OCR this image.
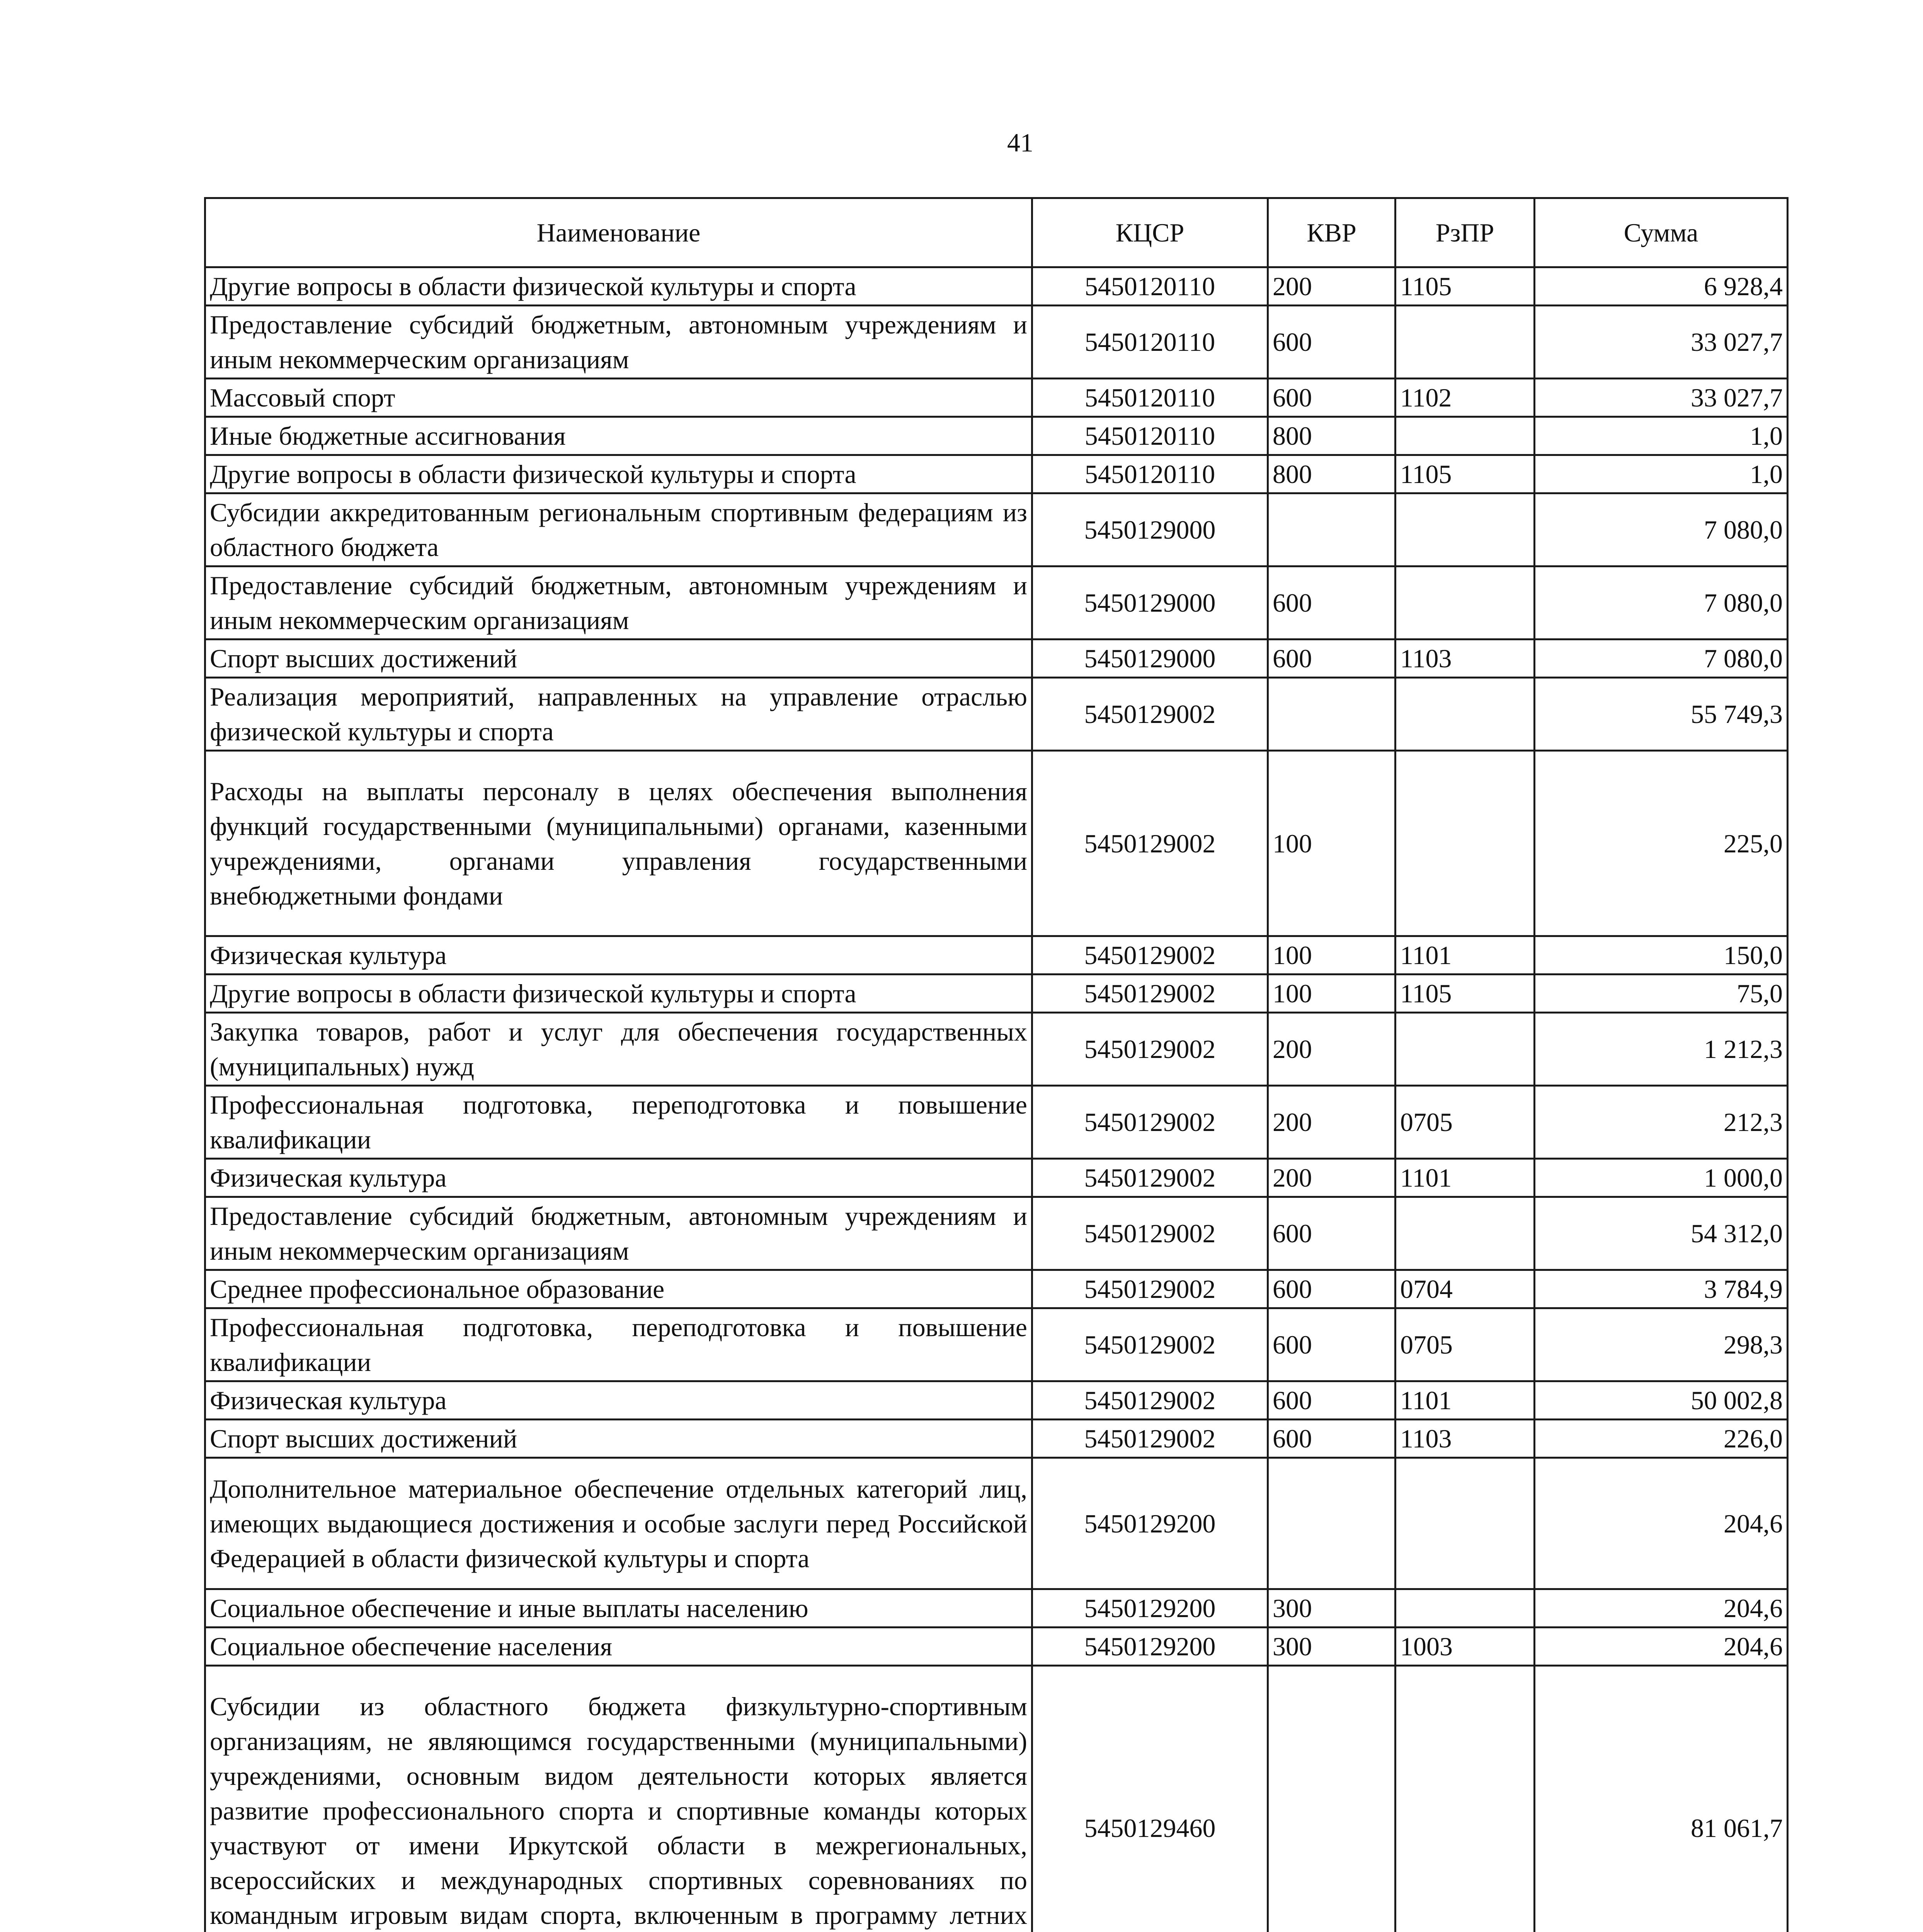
41
Наименование	КЦСР	КВР	РзПР	Сумма
Другие вопросы в области физической культуры и спорта	5450120110	200	1105	6 928,4
Предоставление субсидий бюджетным, автономным учреждениям и иным некоммерческим организациям	5450120110	600		33 027,7
Массовый спорт	5450120110	600	1102	33 027,7
Иные бюджетные ассигнования	5450120110	800		1,0
Другие вопросы в области физической культуры и спорта	5450120110	800	1105	1,0
Субсидии аккредитованным региональным спортивным федерациям из областного бюджета	5450129000			7 080,0
Предоставление субсидий бюджетным, автономным учреждениям и иным некоммерческим организациям	5450129000	600		7 080,0
Спорт высших достижений	5450129000	600	1103	7 080,0
Реализация мероприятий, направленных на управление отраслью физической культуры и спорта	5450129002			55 749,3
Расходы на выплаты персоналу в целях обеспечения выполнения функций государственными (муниципальными) органами, казенными учреждениями, органами управления государственными внебюджетными фондами	5450129002	100		225,0
Физическая культура	5450129002	100	1101	150,0
Другие вопросы в области физической культуры и спорта	5450129002	100	1105	75,0
Закупка товаров, работ и услуг для обеспечения государственных (муниципальных) нужд	5450129002	200		1 212,3
Профессиональная подготовка, переподготовка и повышение квалификации	5450129002	200	0705	212,3
Физическая культура	5450129002	200	1101	1 000,0
Предоставление субсидий бюджетным, автономным учреждениям и иным некоммерческим организациям	5450129002	600		54 312,0
Среднее профессиональное образование	5450129002	600	0704	3 784,9
Профессиональная подготовка, переподготовка и повышение квалификации	5450129002	600	0705	298,3
Физическая культура	5450129002	600	1101	50 002,8
Спорт высших достижений	5450129002	600	1103	226,0
Дополнительное материальное обеспечение отдельных категорий лиц, имеющих выдающиеся достижения и особые заслуги перед Российской Федерацией в области физической культуры и спорта	5450129200			204,6
Социальное обеспечение и иные выплаты населению	5450129200	300		204,6
Социальное обеспечение населения	5450129200	300	1003	204,6
Субсидии из областного бюджета физкультурно-спортивным организациям, не являющимся государственными (муниципальными) учреждениями, основным видом деятельности которых является развитие профессионального спорта и спортивные команды которых участвуют от имени Иркутской области в межрегиональных, всероссийских и международных спортивных соревнованиях по командным игровым видам спорта, включенным в программу летних	5450129460			81 061,7
